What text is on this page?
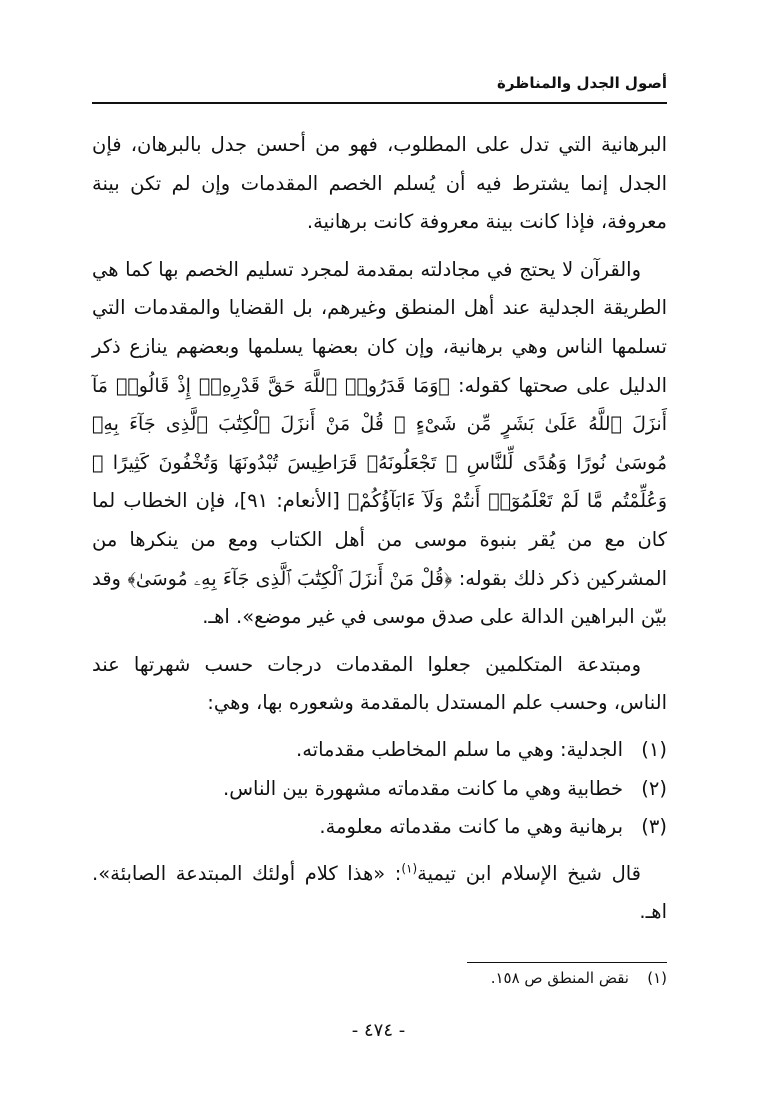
أصول الجدل والمناظرة

البرهانية التي تدل على المطلوب، فهو من أحسن جدل بالبرهان، فإن الجدل إنما يشترط فيه أن يُسلم الخصم المقدمات وإن لم تكن بينة معروفة، فإذا كانت بينة معروفة كانت برهانية.

والقرآن لا يحتج في مجادلته بمقدمة لمجرد تسليم الخصم بها كما هي الطريقة الجدلية عند أهل المنطق وغيرهم، بل القضايا والمقدمات التي تسلمها الناس وهي برهانية، وإن كان بعضها يسلمها وبعضهم ينازع ذكر الدليل على صحتها كقوله: ﴿وَمَا قَدَرُوا۟ ٱللَّهَ حَقَّ قَدْرِهِۦٓ إِذْ قَالُوا۟ مَآ أَنزَلَ ٱللَّهُ عَلَىٰ بَشَرٍ مِّن شَىْءٍ ۗ قُلْ مَنْ أَنزَلَ ٱلْكِتَٰبَ ٱلَّذِى جَآءَ بِهِۦ مُوسَىٰ نُورًا وَهُدًى لِّلنَّاسِ ۖ تَجْعَلُونَهُۥ قَرَاطِيسَ تُبْدُونَهَا وَتُخْفُونَ كَثِيرًا ۖ وَعُلِّمْتُم مَّا لَمْ تَعْلَمُوٓا۟ أَنتُمْ وَلَآ ءَابَآؤُكُمْ﴾ [الأنعام: ٩١]، فإن الخطاب لما كان مع من يُقر بنبوة موسى من أهل الكتاب ومع من ينكرها من المشركين ذكر ذلك بقوله: ﴿قُلْ مَنْ أَنزَلَ ٱلْكِتَٰبَ ٱلَّذِى جَآءَ بِهِۦ مُوسَىٰ﴾ وقد بيّن البراهين الدالة على صدق موسى في غير موضع». اهـ.

ومبتدعة المتكلمين جعلوا المقدمات درجات حسب شهرتها عند الناس، وحسب علم المستدل بالمقدمة وشعوره بها، وهي:

(١)الجدلية: وهي ما سلم المخاطب مقدماته.
(٢)خطابية وهي ما كانت مقدماته مشهورة بين الناس.
(٣)برهانية وهي ما كانت مقدماته معلومة.

قال شيخ الإسلام ابن تيمية$^{(١)}$: «هذا كلام أولئك المبتدعة الصابئة». اهـ.

(١)نقض المنطق ص ١٥٨.
- ٤٧٤ -
